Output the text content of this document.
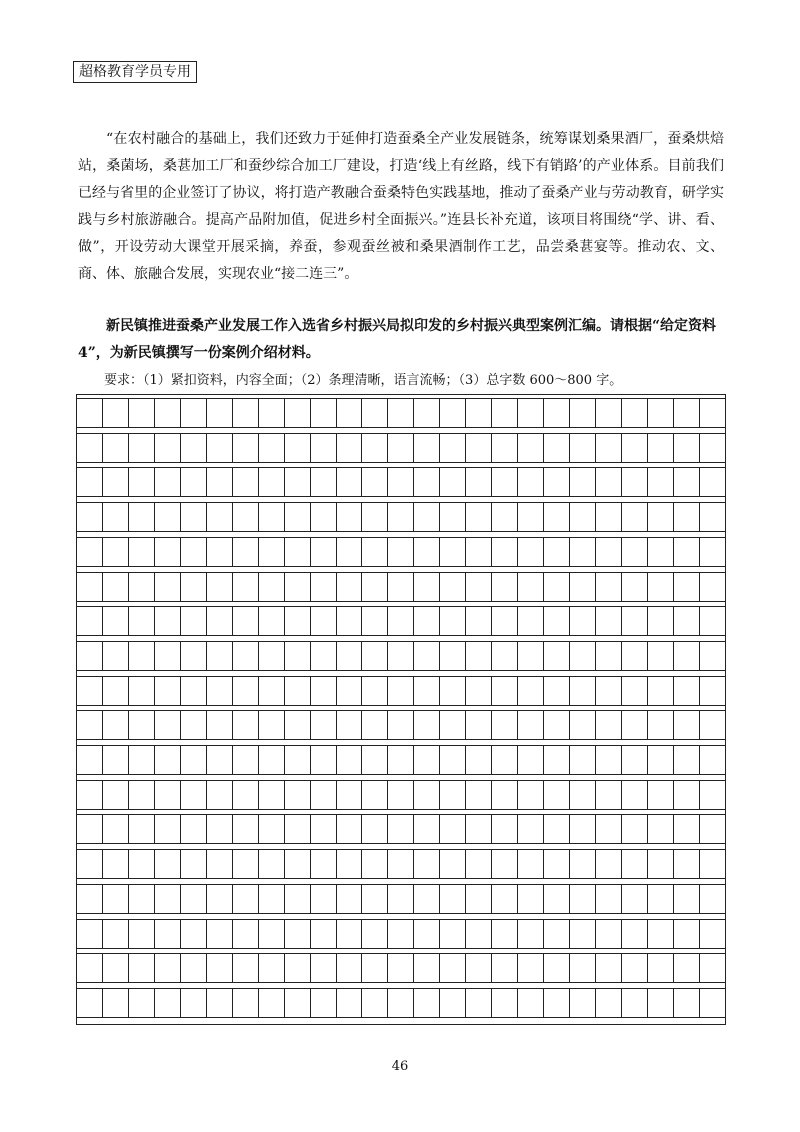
超格教育学员专用

“在农村融合的基础上，我们还致力于延伸打造蚕桑全产业发展链条，统筹谋划桑果酒厂，蚕桑烘焙站，桑菌场，桑葚加工厂和蚕纱综合加工厂建设，打造‘线上有丝路，线下有销路’的产业体系。目前我们已经与省里的企业签订了协议，将打造产教融合蚕桑特色实践基地，推动了蚕桑产业与劳动教育，研学实践与乡村旅游融合。提高产品附加值，促进乡村全面振兴。”连县长补充道，该项目将围绕“学、讲、看、做”，开设劳动大课堂开展采摘，养蚕，参观蚕丝被和桑果酒制作工艺，品尝桑葚宴等。推动农、文、商、体、旅融合发展，实现农业“接二连三”。

新民镇推进蚕桑产业发展工作入选省乡村振兴局拟印发的乡村振兴典型案例汇编。请根据“给定资料 4”，为新民镇撰写一份案例介绍材料。

要求：（1）紧扣资料，内容全面；（2）条理清晰，语言流畅；（3）总字数 600～800 字。
46
